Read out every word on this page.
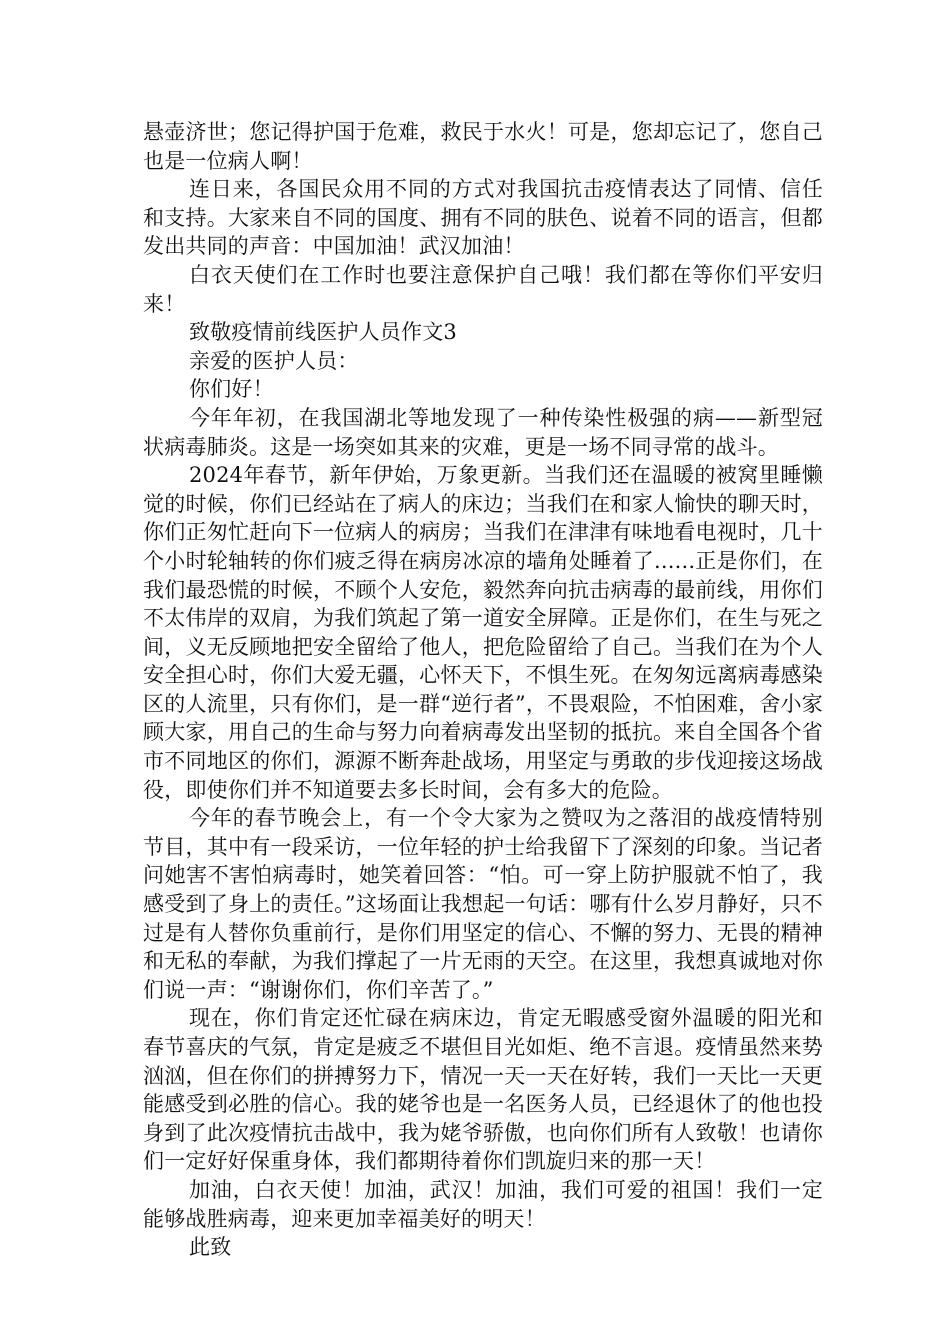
悬壶济世；您记得护国于危难，救民于水火！可是，您却忘记了，您自己也是一位病人啊！

连日来，各国民众用不同的方式对我国抗击疫情表达了同情、信任和支持。大家来自不同的国度、拥有不同的肤色、说着不同的语言，但都发出共同的声音：中国加油！武汉加油！

白衣天使们在工作时也要注意保护自己哦！我们都在等你们平安归来！

致敬疫情前线医护人员作文3

亲爱的医护人员：

你们好！

今年年初，在我国湖北等地发现了一种传染性极强的病——新型冠状病毒肺炎。这是一场突如其来的灾难，更是一场不同寻常的战斗。

2024年春节，新年伊始，万象更新。当我们还在温暖的被窝里睡懒觉的时候，你们已经站在了病人的床边；当我们在和家人愉快的聊天时，你们正匆忙赶向下一位病人的病房；当我们在津津有味地看电视时，几十个小时轮轴转的你们疲乏得在病房冰凉的墙角处睡着了......正是你们，在我们最恐慌的时候，不顾个人安危，毅然奔向抗击病毒的最前线，用你们不太伟岸的双肩，为我们筑起了第一道安全屏障。正是你们，在生与死之间，义无反顾地把安全留给了他人，把危险留给了自己。当我们在为个人安全担心时，你们大爱无疆，心怀天下，不惧生死。在匆匆远离病毒感染区的人流里，只有你们，是一群“逆行者”，不畏艰险，不怕困难，舍小家顾大家，用自己的生命与努力向着病毒发出坚韧的抵抗。来自全国各个省市不同地区的你们，源源不断奔赴战场，用坚定与勇敢的步伐迎接这场战役，即使你们并不知道要去多长时间，会有多大的危险。

今年的春节晚会上，有一个令大家为之赞叹为之落泪的战疫情特别节目，其中有一段采访，一位年轻的护士给我留下了深刻的印象。当记者问她害不害怕病毒时，她笑着回答：“怕。可一穿上防护服就不怕了，我感受到了身上的责任。”这场面让我想起一句话：哪有什么岁月静好，只不过是有人替你负重前行，是你们用坚定的信心、不懈的努力、无畏的精神和无私的奉献，为我们撑起了一片无雨的天空。在这里，我想真诚地对你们说一声：“谢谢你们，你们辛苦了。”

现在，你们肯定还忙碌在病床边，肯定无暇感受窗外温暖的阳光和春节喜庆的气氛，肯定是疲乏不堪但目光如炬、绝不言退。疫情虽然来势汹汹，但在你们的拼搏努力下，情况一天一天在好转，我们一天比一天更能感受到必胜的信心。我的姥爷也是一名医务人员，已经退休了的他也投身到了此次疫情抗击战中，我为姥爷骄傲，也向你们所有人致敬！也请你们一定好好保重身体，我们都期待着你们凯旋归来的那一天！

加油，白衣天使！加油，武汉！加油，我们可爱的祖国！我们一定能够战胜病毒，迎来更加幸福美好的明天！

此致
